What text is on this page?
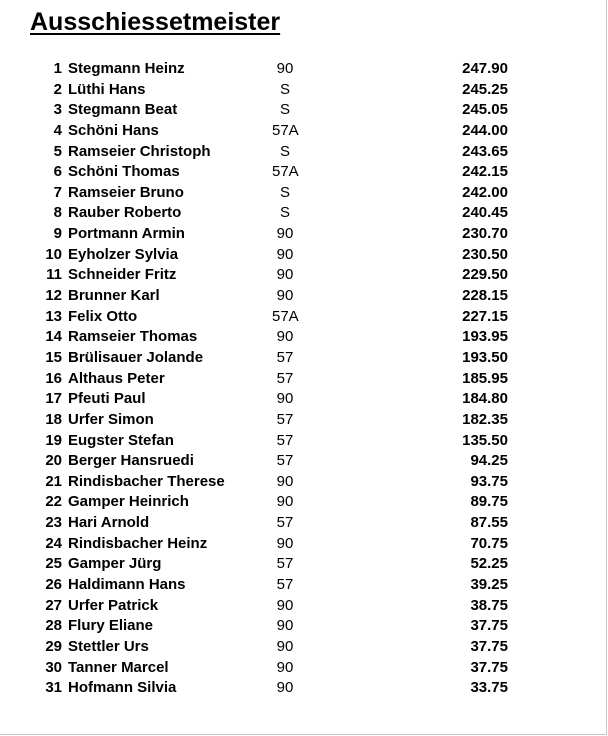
Ausschiessetmeister
1 Stegmann Heinz	90	247.90
2 Lüthi Hans	S	245.25
3 Stegmann Beat	S	245.05
4 Schöni Hans	57A	244.00
5 Ramseier Christoph	S	243.65
6 Schöni Thomas	57A	242.15
7 Ramseier Bruno	S	242.00
8 Rauber Roberto	S	240.45
9 Portmann Armin	90	230.70
10 Eyholzer Sylvia	90	230.50
11 Schneider Fritz	90	229.50
12 Brunner Karl	90	228.15
13 Felix Otto	57A	227.15
14 Ramseier Thomas	90	193.95
15 Brülisauer Jolande	57	193.50
16 Althaus Peter	57	185.95
17 Pfeuti Paul	90	184.80
18 Urfer Simon	57	182.35
19 Eugster Stefan	57	135.50
20 Berger Hansruedi	57	94.25
21 Rindisbacher Therese	90	93.75
22 Gamper Heinrich	90	89.75
23 Hari Arnold	57	87.55
24 Rindisbacher Heinz	90	70.75
25 Gamper Jürg	57	52.25
26 Haldimann Hans	57	39.25
27 Urfer Patrick	90	38.75
28 Flury Eliane	90	37.75
29 Stettler Urs	90	37.75
30 Tanner Marcel	90	37.75
31 Hofmann Silvia	90	33.75
